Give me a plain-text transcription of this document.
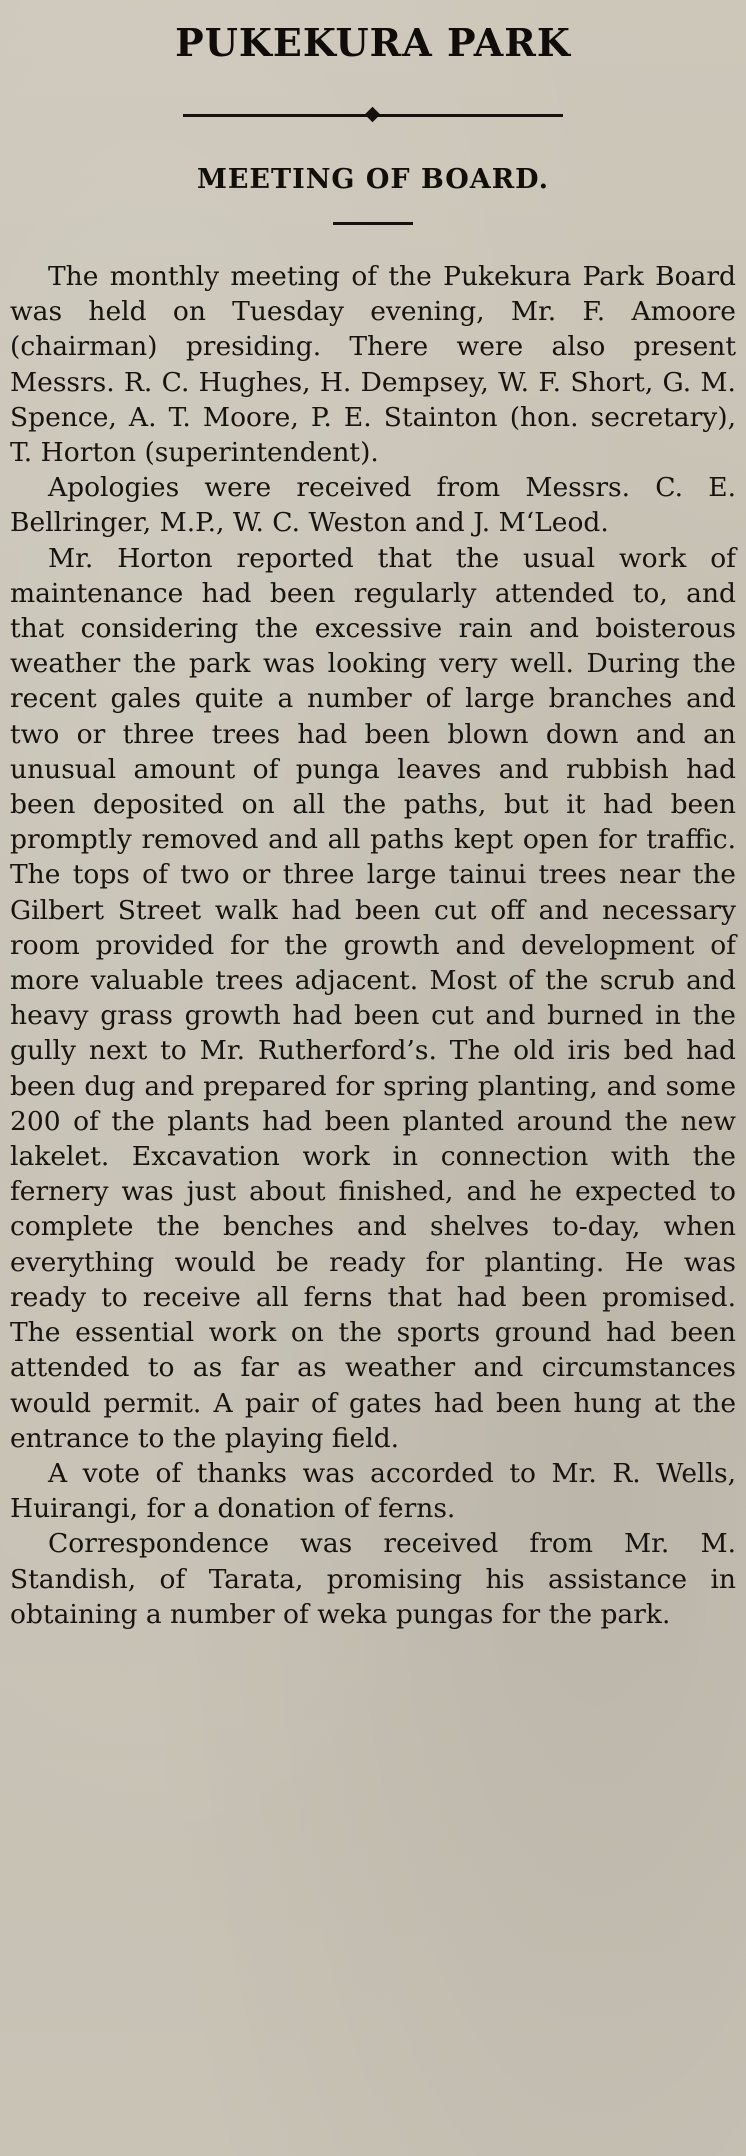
PUKEKURA PARK
MEETING OF BOARD.

The monthly meeting of the Pukekura Park Board was held on Tuesday evening, Mr. F. Amoore (chairman) presiding. There were also present Messrs. R. C. Hughes, H. Dempsey, W. F. Short, G. M. Spence, A. T. Moore, P. E. Stainton (hon. secretary), T. Horton (superintendent).

Apologies were received from Messrs. C. E. Bellringer, M.P., W. C. Weston and J. M‘Leod.

Mr. Horton reported that the usual work of maintenance had been regularly attended to, and that considering the excessive rain and boisterous weather the park was looking very well. During the recent gales quite a number of large branches and two or three trees had been blown down and an unusual amount of punga leaves and rubbish had been deposited on all the paths, but it had been promptly removed and all paths kept open for traffic. The tops of two or three large tainui trees near the Gilbert Street walk had been cut off and necessary room provided for the growth and development of more valuable trees adjacent. Most of the scrub and heavy grass growth had been cut and burned in the gully next to Mr. Rutherford’s. The old iris bed had been dug and prepared for spring planting, and some 200 of the plants had been planted around the new lakelet. Excavation work in connection with the fernery was just about finished, and he expected to complete the benches and shelves to-day, when everything would be ready for planting. He was ready to receive all ferns that had been promised. The essential work on the sports ground had been attended to as far as weather and circumstances would permit. A pair of gates had been hung at the entrance to the playing field.

A vote of thanks was accorded to Mr. R. Wells, Huirangi, for a donation of ferns.

Correspondence was received from Mr. M. Standish, of Tarata, promising his assistance in obtaining a number of weka pungas for the park.
